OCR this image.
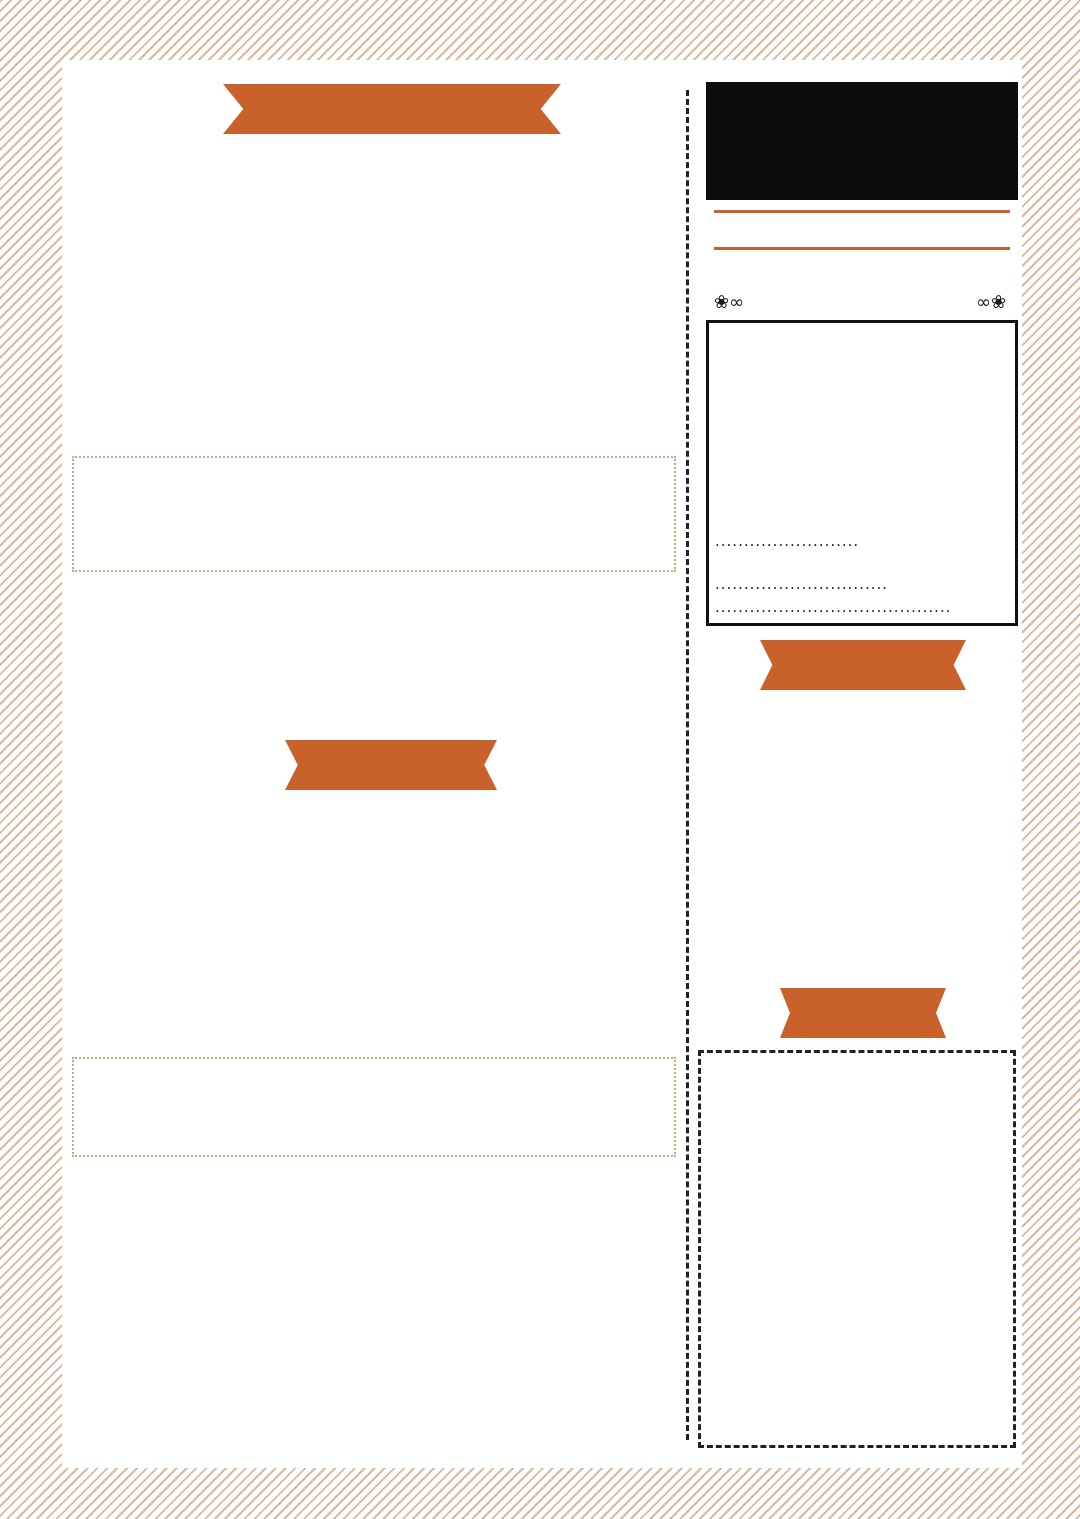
❀∞	∞❀
.........................
..............................
.........................................
